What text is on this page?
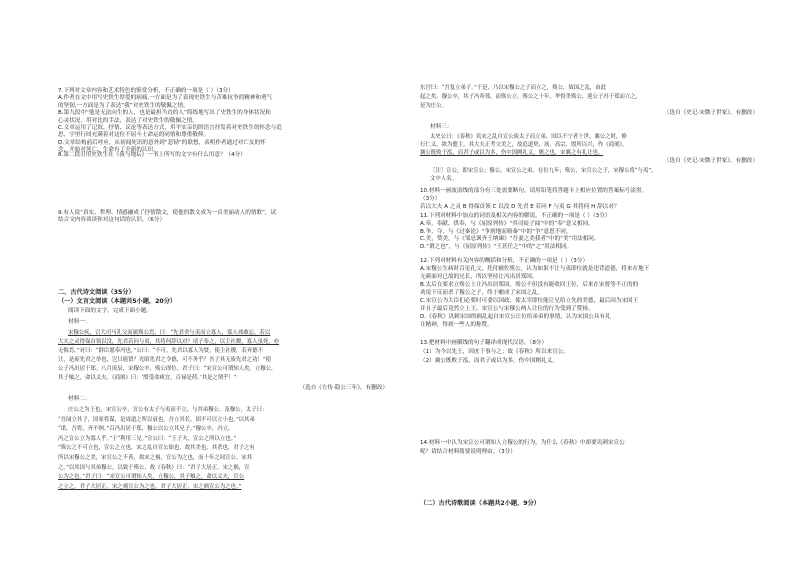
7.下列对文章内容和艺术特色的鉴赏分析，不正确的一项是（ ）（3分）
A.作者在文中用写史铁生厚爱的病痛,一方面是为了表现史铁生与苦难抗争的精神和勇气
的坚韧,一方面是为了表达“我”对史铁生的敬佩之情。
B.第九段中“他是无法向生的人，也是最担当直的人”简练地写出了史铁生的身体状况和
心灵状况。用对比的手法，表达了对史铁生的敬佩之情。
C.文章运用了记叙、抒情、议论等表达方式，用平实亲切的语言抒发着对史铁生的怀念与追
思，字里行间充满着对这位不屈斗士命运的同情和尊重敬仰。
D.文章结构前后呼应，从初闻死讯的意外到“悲恸”的联想，表明作者通过对亡友的怀
念，开始对死亡、生命有了全新的认识。
8.第二段引用史铁生在《我与地坛》一书上所写的文字有什么用意？（4分）
9.有人说“真实、哲理、情感融成了抒情散文，使他的散文成为一首美丽动人的情歌”，试
结合文内容谈谈你对这句话的认识。（6分）
二、古代诗文阅读（35分）
（一）文言文阅读（本题共5小题，20分）
阅读下面的文字，完成下面小题。
材料一：
宋穆公疾，召大司马孔父而属殇公焉，曰：“先君舍与夷而立寡人，寡人弗敢忘。若以
大夫之灵得保首领以没，先君若问与夷，其将何辞以对？请子奉之，以主社稷，寡人虽死，亦
无悔焉。”对曰：“群臣愿奉冯也。”公曰：“不可。先君以寡人为贤，使主社稷。若弃德不
让，是废先君之举也，岂曰能贤？光昭先君之令德，可不务乎？吾子其无废先君之功！”使
公子冯出居于郑。八月庚辰，宋穆公卒，殇公即位。君子曰：“宋宣公可谓知人矣。立穆公，
其子飨之，命以义夫。《商颂》曰：‘殷受命咸宜，百禄是荷。’其是之谓乎！”
（选自《左传·隐公三年》，有删改）
材料二：
庄公之为王也，宋宣公卒，宣公有太子与夷而不立，与其弟穆公。及穆公，太子曰：
“吾闻立其子，国家将谋，是周道之所以衰也，吾立其长，固不可以立小也。”以其弟
“诺，吾将，齐不纳。”召冯出居于郑，穆公以公立其兄子。”穆公卒，冯立，
冯之宣公立为寡人乎。”于“利用三兄。”宣公曰：“王子夫，宣公之所以立也。”
“殇公之不可立也，宣公之立也，宋之乱自宣公始也，故其美也，其杀也，君子之有
所以宋穆公之美，宋宣公之不善，故宋之祸，宣公为之也，而十年之间宣公。宋其
之。”以其国与其弟穆公，以致于殇公，故《春秋》曰：“君子大居正，宋之祸，宣
公为之也。”君子曰：“宋宣公可谓知人矣，立穆公，其子飨之，命以义夫，宣公
之立之，君子大居正，宋之祸宣公为之也。君子大居正，宋之祸宣公为之也。”
东宫曰：“吾复立弟子。”于是，乃以宋穆公之子而立之，殇公，故国之乱，由此
起之矣。穆公卒，其子冯奔郑，而殇公立。殇公之十年，华督杀殇公，迎公子冯于郑而立之，
是为庄公。
（选自《史记·宋微子世家》，有删改）
材料三：
太史公曰：《春秋》讥宋之乱自宣公废太子而立弟，国以不宁者十世。襄公之时，修
行仁义，欲为盟主。其大夫正考父美之，故追道契、汤、高宗，殷所以兴，作《商颂》。
襄公既败于泓，而君子或以为多，伤中国阙礼义，褒之也，宋襄之有礼让也。
（选自《史记·宋微子世家》，有删改）
［注］宣公，即宋宣公；穆公，宋宣公之弟，在位九年；殇公，宋宣公之子，宋穆公将“与夷”，
文中人名。
10.材料一画波浪线的部分有三处需要断句，请用铅笔将答题卡上相应位置的答案标号涂黑。
（3分）
若以大夫 A 之灵 B 得保首领 C 以没 D 先君 E 若问 F 与夷 G 其将何 H 辞以对？
11.下列对材料中加点的词语及相关内容的解说，不正确的一项是（ ）（3分）
A.奉，奉献、供奉，与《屈原列传》“其司徒子闻”中的“奉”意义相同。
B.争，夺，与《过秦论》“争割地而赂秦”中的“争”意思不同。
C.美，赞美，与《邹忌讽齐王纳谏》“吾妻之美我者”中的“美”用法相同。
D.“谓之也”，与《屈原列传》“王甚任之”中的“之”用法相同。
12.下列对材料有关内容的概括和分析，不正确的一项是（ ）（3分）
A.宋穆公生病时召见孔父，托付辅佐殇公，认为如果不让与夷即位就是违背道德，将来在地下
无颜面对已故的兄长，所以坚持让冯出居郑国。
B.太后在要求立殇公上让冯出居郑国，殇公不但没有能收回王位，后来在宋督等不正的的
劝说下反而杀了穆公之子，终于酿成了宋国之乱。
C.宋宣公为大臣们必要时可委以国政，使太宰即位能让兄给立先的美德，最后因为宋国王
并且子最后竟然立上王，宋宣公与宋穆公两人让位的行为受到了赞扬。
D.《春秋》讥刺宋国的祸乱起自宋宣公让位给弟弟的事情，认为宋国公具有礼
让精神，得到一些人的称赞。
13.把材料中画横线的句子翻译成现代汉语。（8分）
（1）为今以先王，因庶于事与之；故《春秋》所以来宣公。
（2）襄公既败于泓，而君子或以为多，伤中国阙礼义。
14.材料一中认为宋宣公可谓知人立穆公的行为，为什么《春秋》中却要讥刺宋宣公
呢？请结合材料简要说明理由。（3分）
（二）古代诗歌阅读（本题共2小题，9分）
